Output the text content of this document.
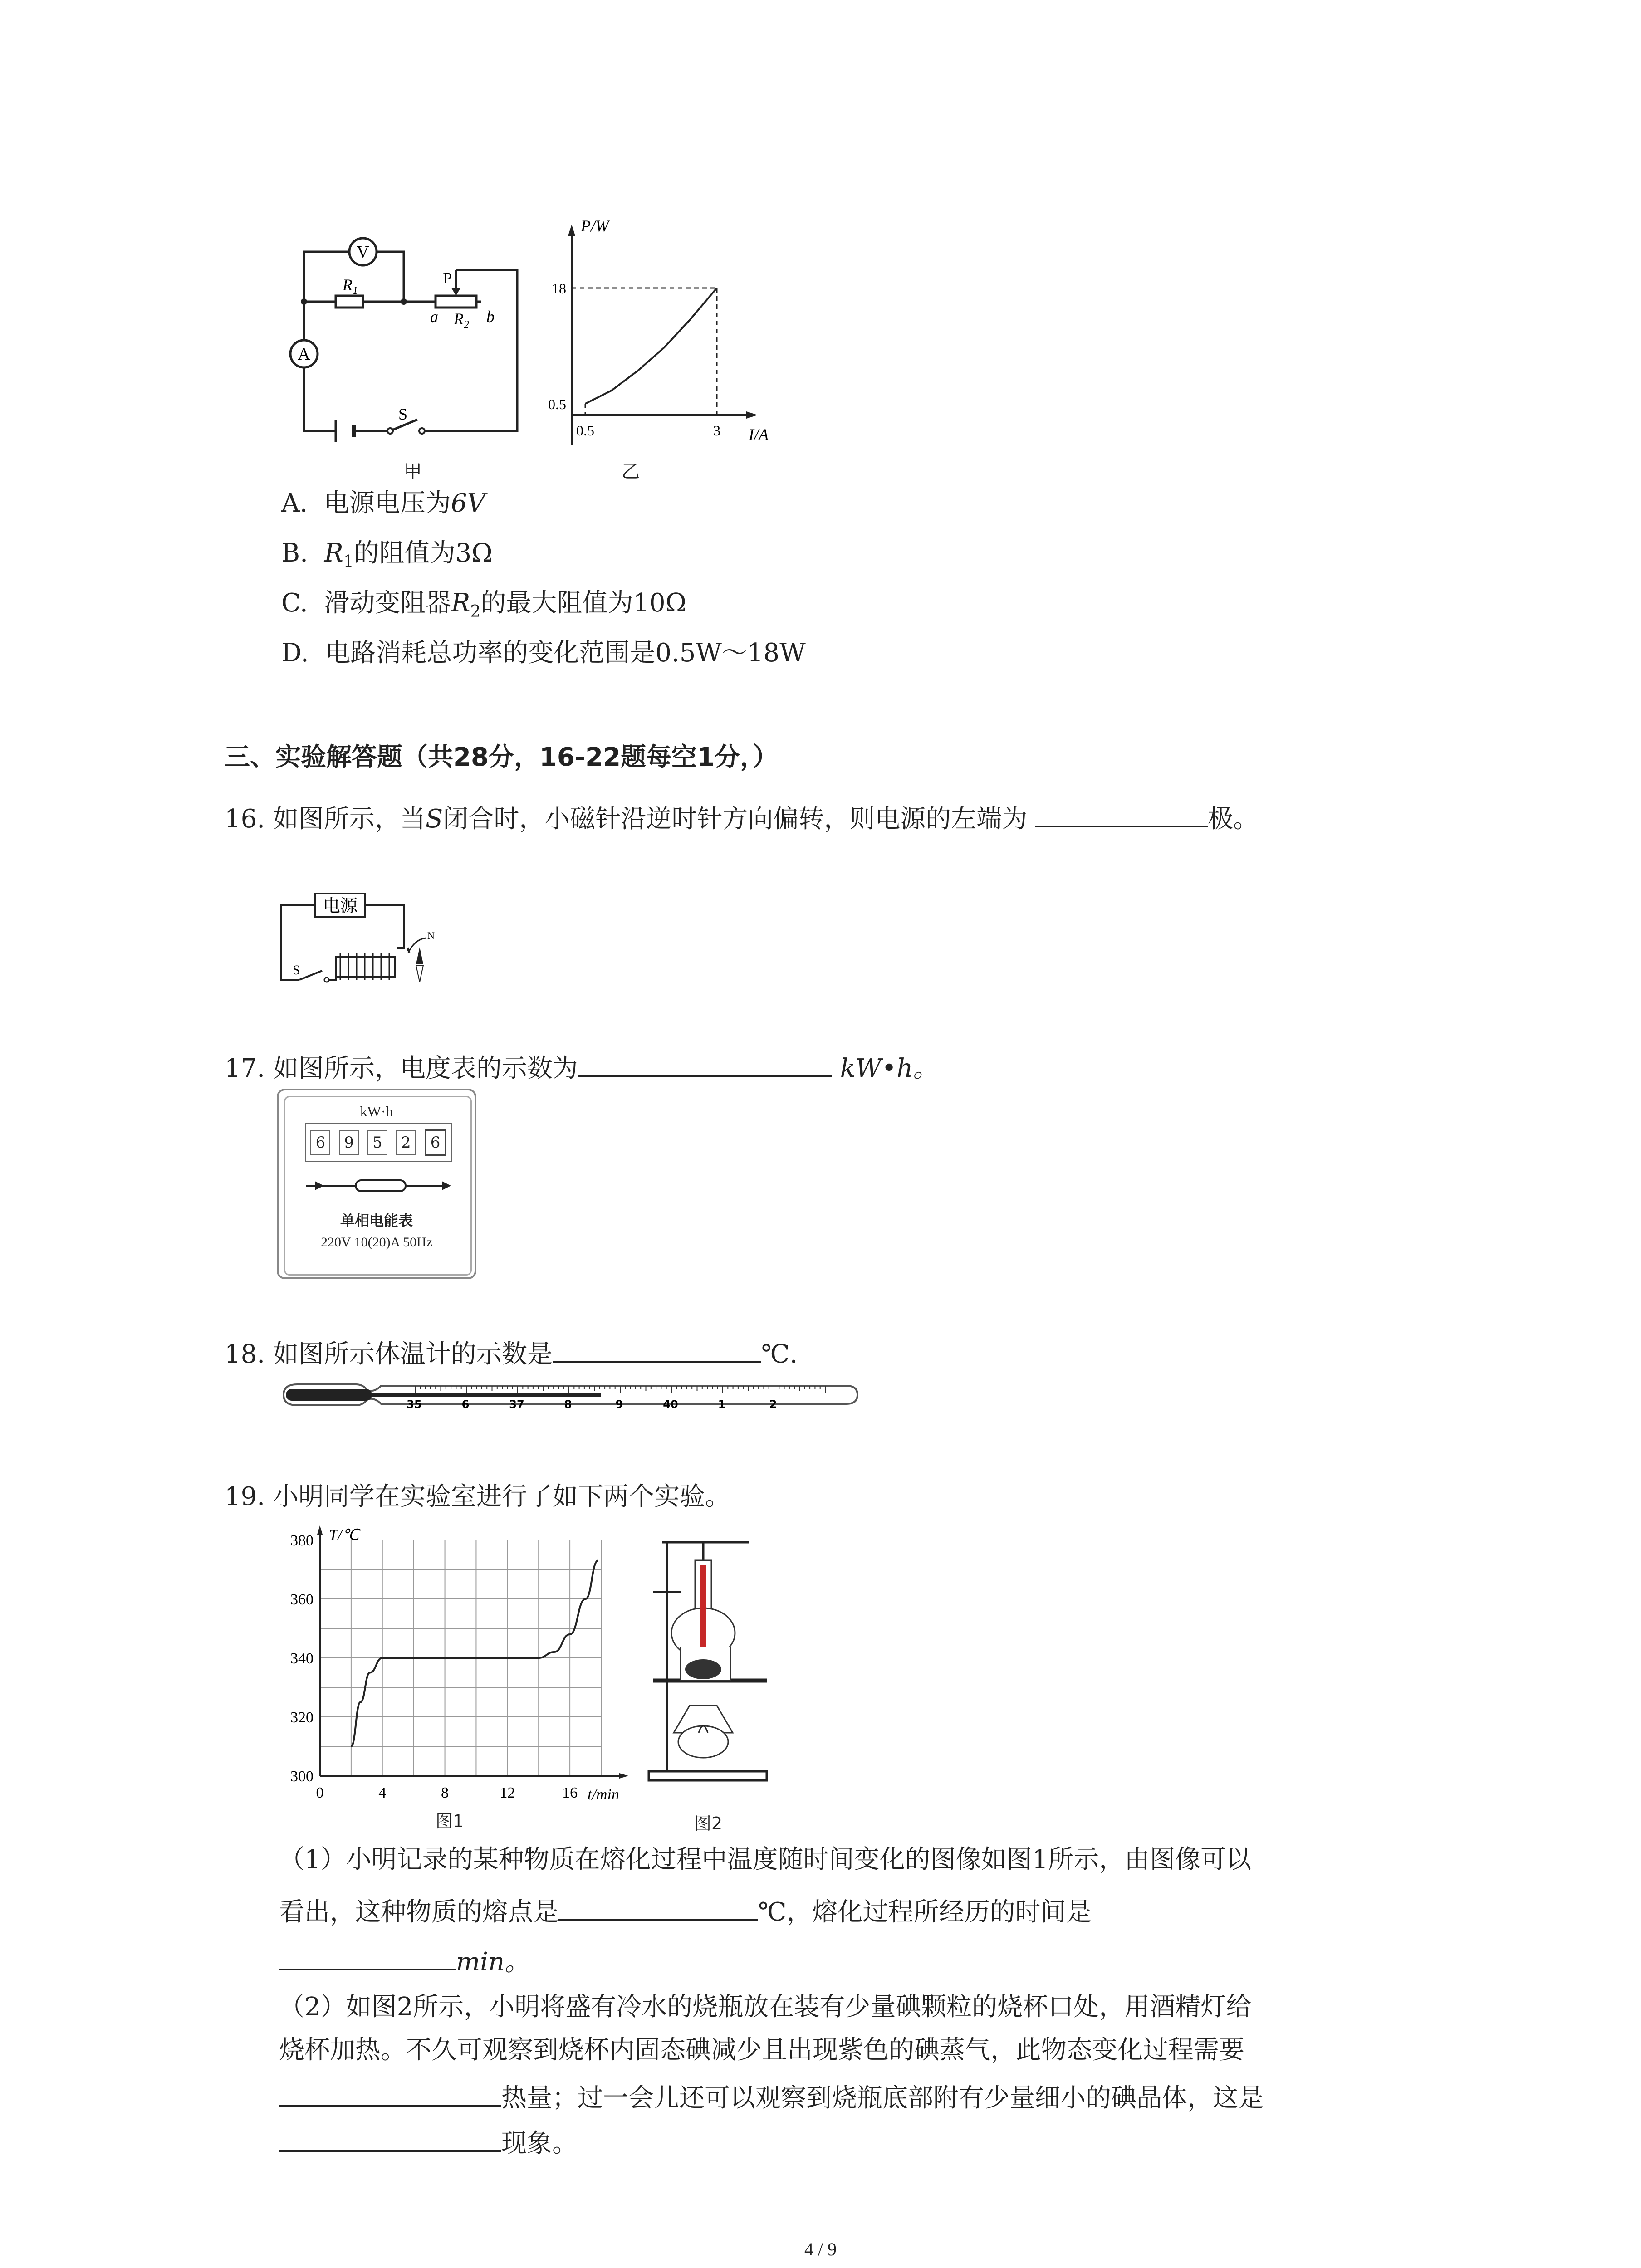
V
A
$R_1$
P
a $R_2$ b
S
甲
0.5	3
0.5
18
P/W
I/A
乙
A. 电源电压为6V
B. $R_1$的阻值为3Ω
C. 滑动变阻器$R_2$的最大阻值为10Ω
D. 电路消耗总功率的变化范围是0.5W～18W
三、实验解答题（共28分，16-22题每空1分，）
16. 如图所示，当S闭合时，小磁针沿逆时针方向偏转，则电源的左端为	极。
电源
S
N
17. 如图所示，电度表的示数为	kW•h。
kW·h
6	9	5	2	6
单相电能表
220V 10(20)A 50Hz
18. 如图所示体温计的示数是	℃.
35	6	37	8	9	40	1	2
19. 小明同学在实验室进行了如下两个实验。
0	4	8	12	16
300
320
340
360
380 T/℃
t/min
图1	图2
（1）小明记录的某种物质在熔化过程中温度随时间变化的图像如图1所示，由图像可以
看出，这种物质的熔点是	℃，熔化过程所经历的时间是
min。
（2）如图2所示，小明将盛有冷水的烧瓶放在装有少量碘颗粒的烧杯口处，用酒精灯给
烧杯加热。不久可观察到烧杯内固态碘减少且出现紫色的碘蒸气，此物态变化过程需要
热量；过一会儿还可以观察到烧瓶底部附有少量细小的碘晶体，这是
现象。
4 / 9
